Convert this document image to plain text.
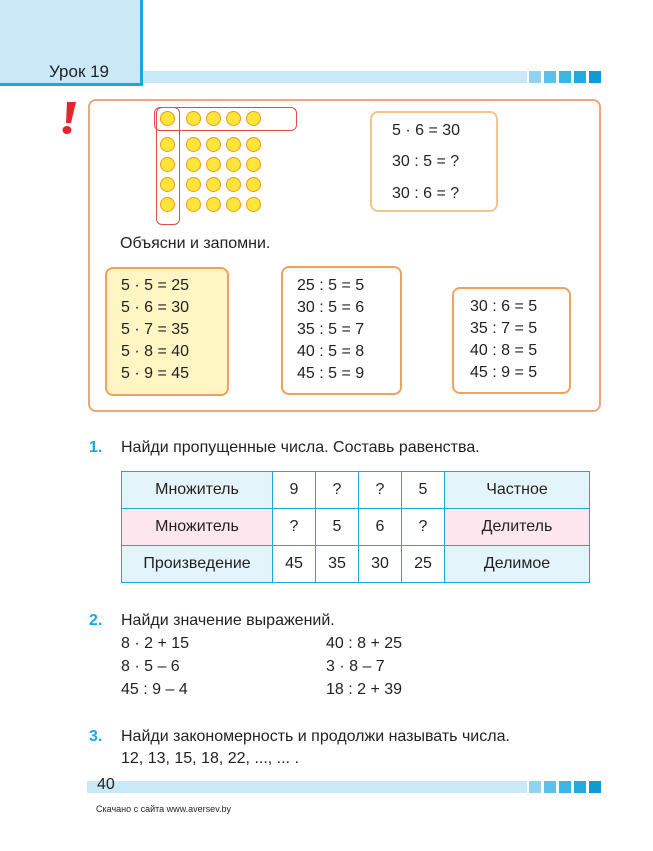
Урок 19
5 · 6 = 30
30 : 5 = ?
30 : 6 = ?
Объясни и запомни.
5 · 5 = 25
5 · 6 = 30
5 · 7 = 35
5 · 8 = 40
5 · 9 = 45
25 : 5 = 5
30 : 5 = 6
35 : 5 = 7
40 : 5 = 8
45 : 5 = 9
30 : 6 = 5
35 : 7 = 5
40 : 8 = 5
45 : 9 = 5
1. Найди пропущенные числа. Составь равенства.
Множитель	9	?	?	5	Частное
Множитель	?	5	6	?	Делитель
Произведение	45	35	30	25	Делимое
2. Найди значение выражений.
8 · 2 + 15
8 · 5 – 6
45 : 9 – 4
40 : 8 + 25
3 · 8 – 7
18 : 2 + 39
3. Найди закономерность и продолжи называть числа.
12, 13, 15, 18, 22, ..., ... .
40
Скачано с сайта www.aversev.by
